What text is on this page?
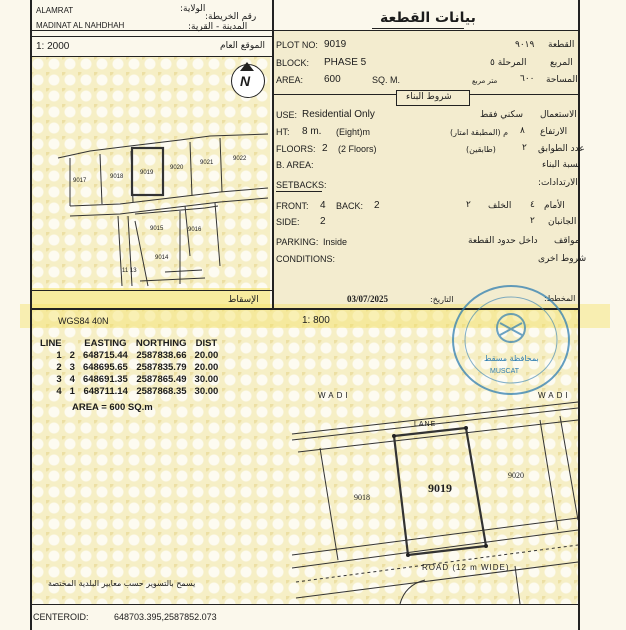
ALAMRAT	الولاية:
رقم الخريطة:
MADINAT AL NAHDHAH	المدينة - القرية:
بيانات القطعة
1: 2000	الموقع العام
9017
9018
9019
9020
9021
9022
9015	9016
9014
11 13
N
الإسقاط
PLOT NO: 9019	٩٠١٩ القطعة
BLOCK: PHASE 5	المرحلة ٥	المربع
AREA: 600	SQ. M.	متر مربع	٦٠٠ المساحة
شروط البناء
USE: Residential Only	سكني فقط الاستعمال
HT: 8 m. (Eight)m	م (المطبقة امتار) ٨ الارتفاع
FLOORS: 2 (2 Floors)	(طابقين)	٢ عدد الطوابق
B. AREA:	نسبة البناء
SETBACKS:	الارتدادات:
FRONT: 4 BACK: 2	٢ الخلف ٤ الأمام
SIDE: 2	٢ الجانبان
PARKING: Inside	داخل حدود القطعة مواقف
CONDITIONS:	شروط اخرى
03/07/2025	التاريخ:	المخطط:
WGS84 40N	1: 800
LINE		EASTING	NORTHING	DIST
1	2	648715.44	2587838.66	20.00
2	3	648695.65	2587835.79	20.00
3	4	648691.35	2587865.49	30.00
4	1	648711.14	2587868.35	30.00
AREA = 600 SQ.m
بمحافظة مسقط
MUSCAT
WADI	WADI
LANE
9019
9018
9020
ROAD (12 m WIDE)
يسمح بالتسوير حسب معايير البلدية المختصة
CENTEROID:	648703.395,2587852.073
